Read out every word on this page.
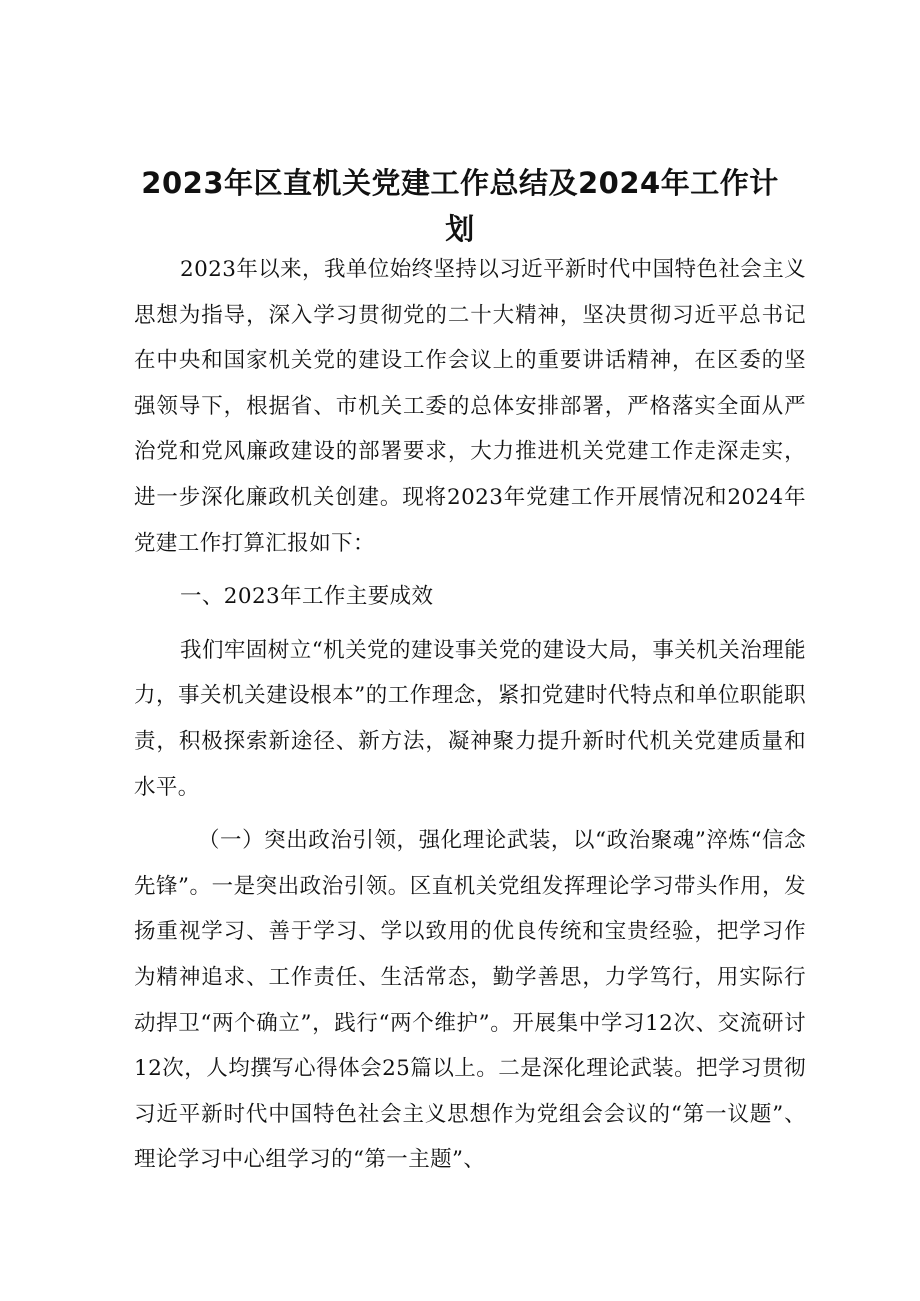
2023年区直机关党建工作总结及2024年工作计
划

2023年以来，我单位始终坚持以习近平新时代中国特色社会主义思想为指导，深入学习贯彻党的二十大精神，坚决贯彻习近平总书记在中央和国家机关党的建设工作会议上的重要讲话精神，在区委的坚强领导下，根据省、市机关工委的总体安排部署，严格落实全面从严治党和党风廉政建设的部署要求，大力推进机关党建工作走深走实，进一步深化廉政机关创建。现将2023年党建工作开展情况和2024年党建工作打算汇报如下：

一、2023年工作主要成效

我们牢固树立“机关党的建设事关党的建设大局，事关机关治理能力，事关机关建设根本”的工作理念，紧扣党建时代特点和单位职能职责，积极探索新途径、新方法，凝神聚力提升新时代机关党建质量和水平。

（一）突出政治引领，强化理论武装，以“政治聚魂”淬炼“信念先锋”。一是突出政治引领。区直机关党组发挥理论学习带头作用，发扬重视学习、善于学习、学以致用的优良传统和宝贵经验，把学习作为精神追求、工作责任、生活常态，勤学善思，力学笃行，用实际行动捍卫“两个确立”，践行“两个维护”。开展集中学习12次、交流研讨12次，人均撰写心得体会25篇以上。二是深化理论武装。把学习贯彻习近平新时代中国特色社会主义思想作为党组会会议的“第一议题”、理论学习中心组学习的“第一主题”、
